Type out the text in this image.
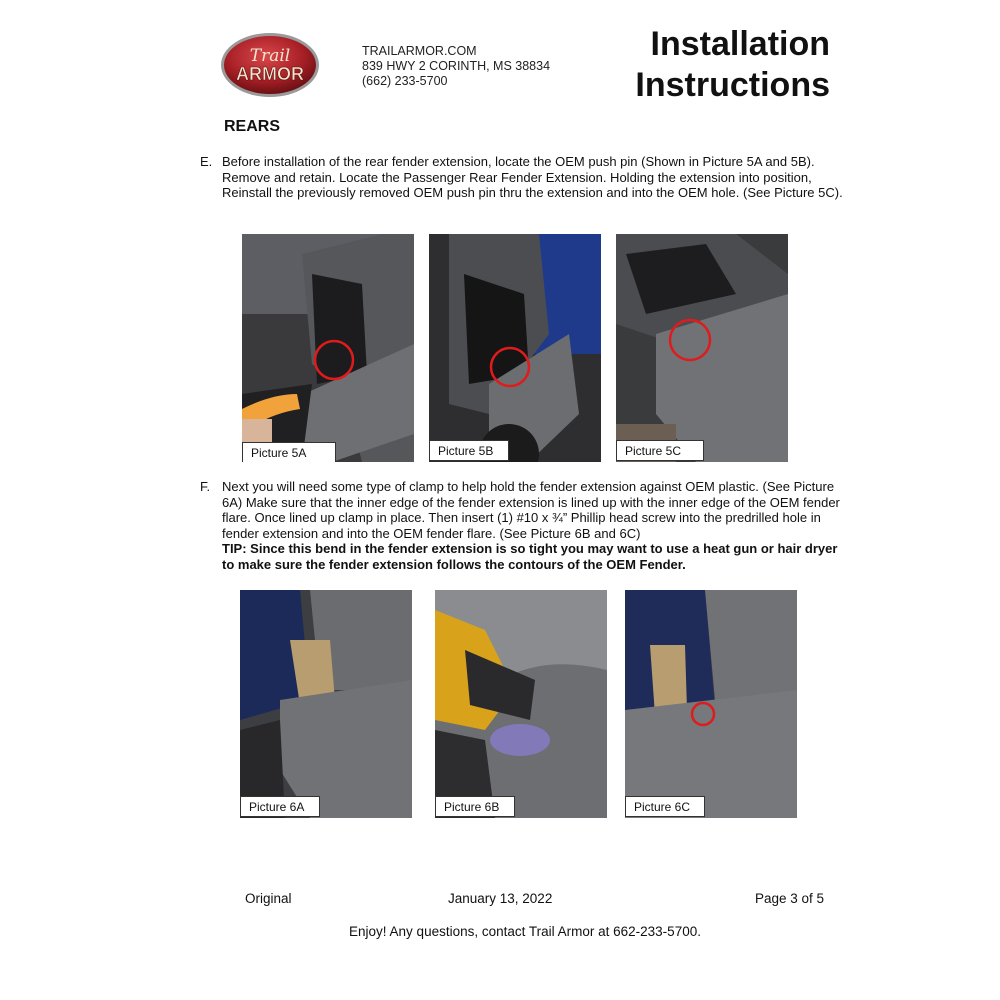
Trail
ARMOR
TRAILARMOR.COM
839 HWY 2 CORINTH, MS 38834
(662) 233-5700
Installation
Instructions
REARS
E. Before installation of the rear fender extension, locate the OEM push pin (Shown in Picture 5A and 5B). Remove and retain. Locate the Passenger Rear Fender Extension. Holding the extension into position, Reinstall the previously removed OEM push pin thru the extension and into the OEM hole. (See Picture 5C).
Picture 5A	Picture 5B	Picture 5C
F. Next you will need some type of clamp to help hold the fender extension against OEM plastic. (See Picture 6A) Make sure that the inner edge of the fender extension is lined up with the inner edge of the OEM fender flare. Once lined up clamp in place. Then insert (1) #10 x ¾” Phillip head screw into the predrilled hole in fender extension and into the OEM fender flare. (See Picture 6B and 6C)
TIP: Since this bend in the fender extension is so tight you may want to use a heat gun or hair dryer to make sure the fender extension follows the contours of the OEM Fender.
Picture 6A	Picture 6B	Picture 6C
Original	January 13, 2022	Page 3 of 5
Enjoy! Any questions, contact Trail Armor at 662-233-5700.
